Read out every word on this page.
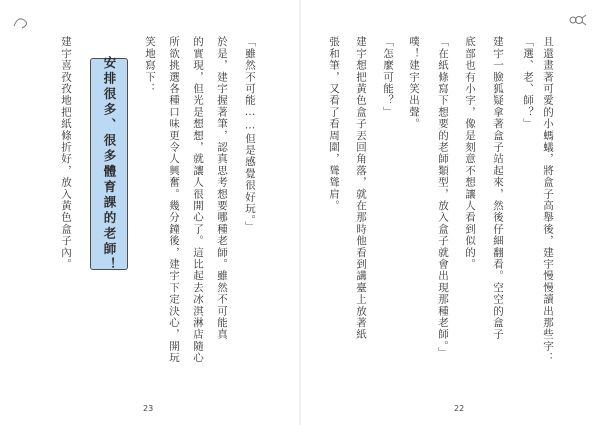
且還畫著可愛的小螞蟻，將盒子高舉後，建宇慢慢讀出那些字：
「選、老、師？」
建宇一臉狐疑拿著盒子站起來，然後仔細翻看。空空的盒子
底部也有小字，像是刻意不想讓人看到似的。
「在紙條寫下想要的老師類型，放入盒子就會出現那種老師。」
噗！建宇笑出聲。
「怎麼可能？」
建宇想把黃色盒子丟回角落，就在那時他看到講臺上放著紙
張和筆，又看了看周圍，聳聳肩。
22
「雖然不可能……但是感覺很好玩。」
於是，建宇握著筆，認真思考想要哪種老師。雖然不可能真
的實現，但光是想想，就讓人很開心了。這比起去冰淇淋店隨心
所欲挑選各種口味更令人興奮。幾分鐘後，建宇下定決心，開玩
笑地寫下：
安排很多、很多體育課的老師！
建宇喜孜孜地把紙條折好，放入黃色盒子內。
23
